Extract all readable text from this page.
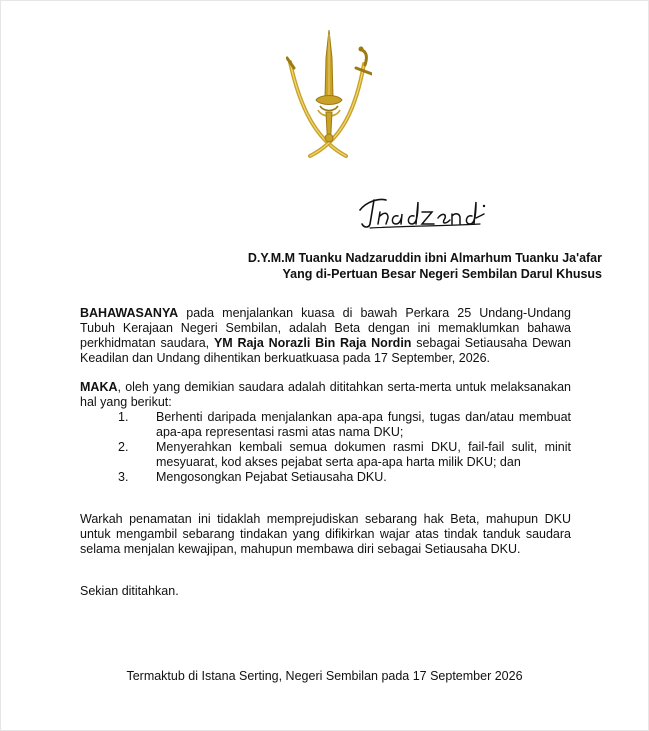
D.Y.M.M Tuanku Nadzaruddin ibni Almarhum Tuanku Ja'afar
Yang di-Pertuan Besar Negeri Sembilan Darul Khusus
BAHAWASANYA pada menjalankan kuasa di bawah Perkara 25 Undang-Undang Tubuh Kerajaan Negeri Sembilan, adalah Beta dengan ini memaklumkan bahawa perkhidmatan saudara, YM Raja Norazli Bin Raja Nordin sebagai Setiausaha Dewan Keadilan dan Undang dihentikan berkuatkuasa pada 17 September, 2026.
MAKA, oleh yang demikian saudara adalah dititahkan serta-merta untuk melaksanakan hal yang berikut:
1.	Berhenti daripada menjalankan apa-apa fungsi, tugas dan/atau membuat apa-apa representasi rasmi atas nama DKU;
2.	Menyerahkan kembali semua dokumen rasmi DKU, fail-fail sulit, minit mesyuarat, kod akses pejabat serta apa-apa harta milik DKU; dan
3.	Mengosongkan Pejabat Setiausaha DKU.
Warkah penamatan ini tidaklah memprejudiskan sebarang hak Beta, mahupun DKU untuk mengambil sebarang tindakan yang difikirkan wajar atas tindak tanduk saudara selama menjalan kewajipan, mahupun membawa diri sebagai Setiausaha DKU.
Sekian dititahkan.
Termaktub di Istana Serting, Negeri Sembilan pada 17 September 2026
